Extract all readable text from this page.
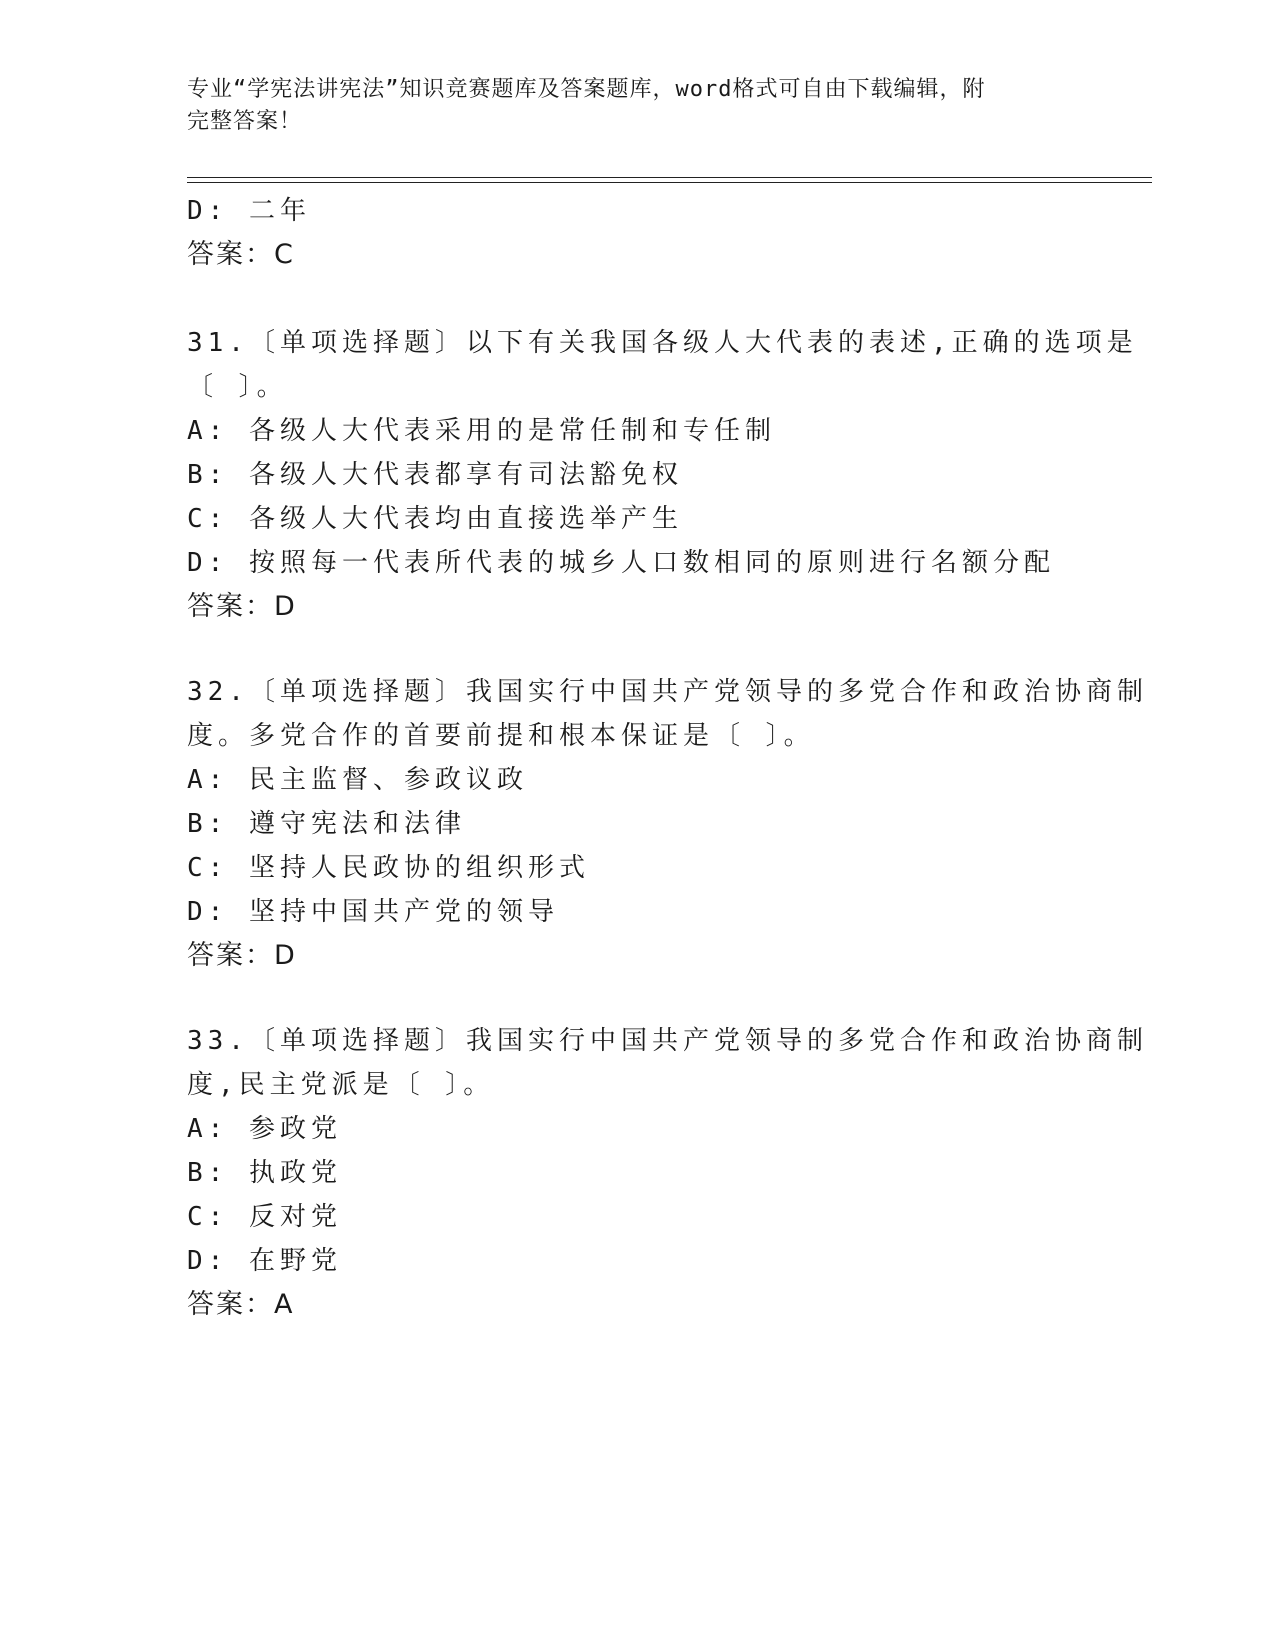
专业“学宪法讲宪法”知识竞赛题库及答案题库，word格式可自由下载编辑，附
完整答案！
D: 二年
答案：C
31.〔单项选择题〕以下有关我国各级人大代表的表述,正确的选项是
〔 〕。
A: 各级人大代表采用的是常任制和专任制
B: 各级人大代表都享有司法豁免权
C: 各级人大代表均由直接选举产生
D: 按照每一代表所代表的城乡人口数相同的原则进行名额分配
答案：D
32.〔单项选择题〕我国实行中国共产党领导的多党合作和政治协商制
度。多党合作的首要前提和根本保证是〔 〕。
A: 民主监督、参政议政
B: 遵守宪法和法律
C: 坚持人民政协的组织形式
D: 坚持中国共产党的领导
答案：D
33.〔单项选择题〕我国实行中国共产党领导的多党合作和政治协商制
度,民主党派是〔 〕。
A: 参政党
B: 执政党
C: 反对党
D: 在野党
答案：A
